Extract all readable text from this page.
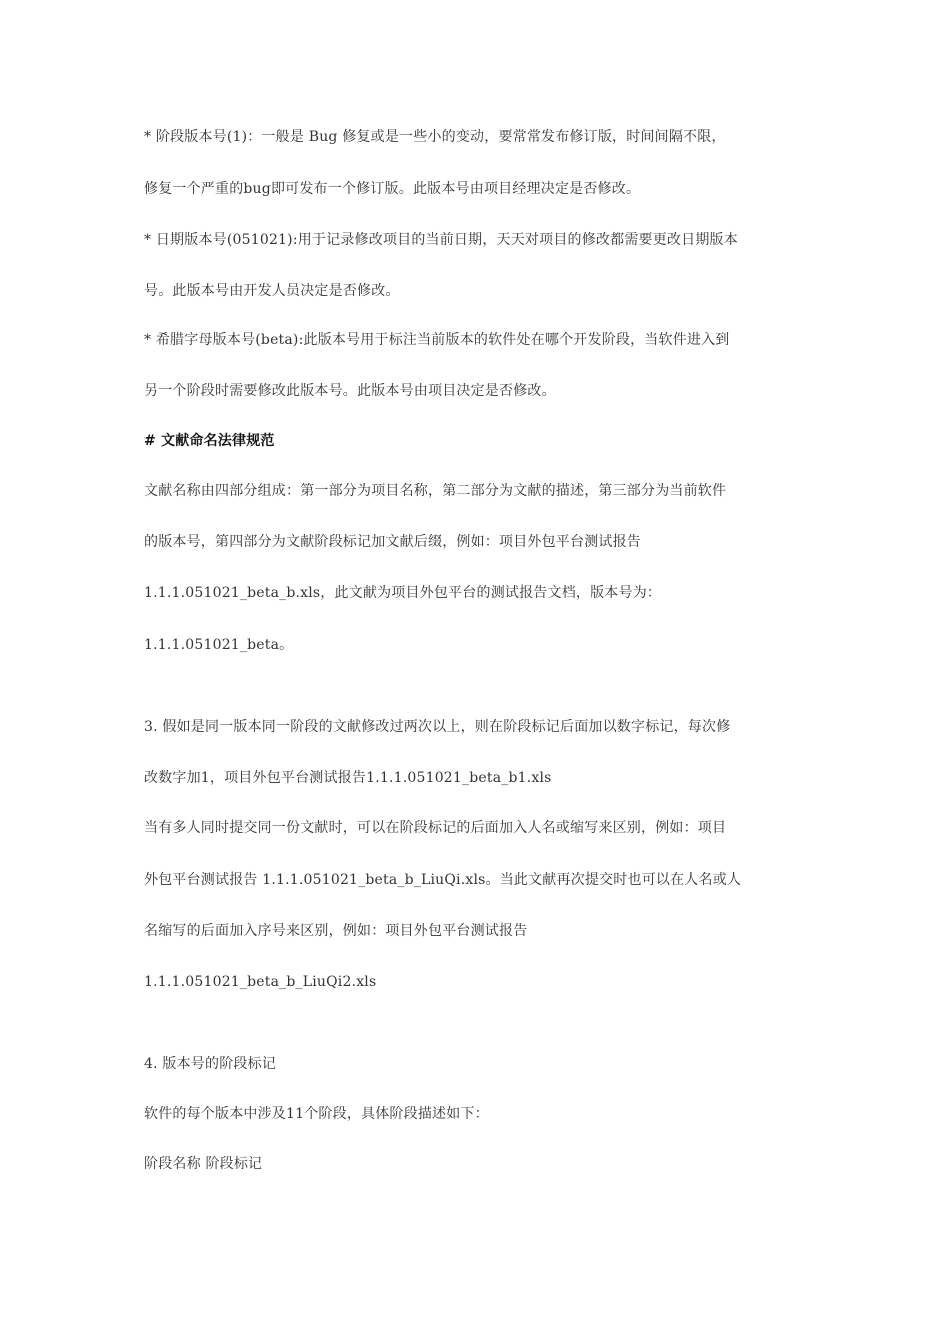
* 阶段版本号(1)：一般是 Bug 修复或是一些小的变动，要常常发布修订版，时间间隔不限，
修复一个严重的bug即可发布一个修订版。此版本号由项目经理决定是否修改。
* 日期版本号(051021):用于记录修改项目的当前日期，天天对项目的修改都需要更改日期版本
号。此版本号由开发人员决定是否修改。
* 希腊字母版本号(beta):此版本号用于标注当前版本的软件处在哪个开发阶段，当软件进入到
另一个阶段时需要修改此版本号。此版本号由项目决定是否修改。
# 文献命名法律规范
文献名称由四部分组成：第一部分为项目名称，第二部分为文献的描述，第三部分为当前软件
的版本号，第四部分为文献阶段标记加文献后缀，例如：项目外包平台测试报告
1.1.1.051021_beta_b.xls，此文献为项目外包平台的测试报告文档，版本号为：
1.1.1.051021_beta。
3. 假如是同一版本同一阶段的文献修改过两次以上，则在阶段标记后面加以数字标记，每次修
改数字加1，项目外包平台测试报告1.1.1.051021_beta_b1.xls
当有多人同时提交同一份文献时，可以在阶段标记的后面加入人名或缩写来区别，例如：项目
外包平台测试报告 1.1.1.051021_beta_b_LiuQi.xls。当此文献再次提交时也可以在人名或人
名缩写的后面加入序号来区别，例如：项目外包平台测试报告
1.1.1.051021_beta_b_LiuQi2.xls
4. 版本号的阶段标记
软件的每个版本中涉及11个阶段，具体阶段描述如下：
阶段名称 阶段标记
